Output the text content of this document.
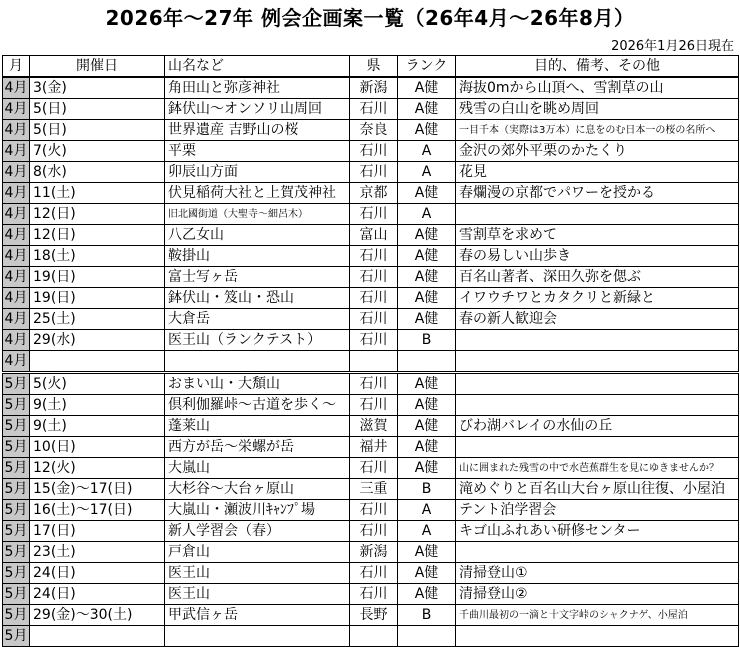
2026年～27年 例会企画案一覧（26年4月～26年8月）
2026年1月26日現在
月	開催日	山名など	県	ランク	目的、備考、その他
4月	3(金)	角田山と弥彦神社	新潟	A健	海抜0mから山頂へ、雪割草の山
4月	5(日)	鉢伏山～オンソリ山周回	石川	A健	残雪の白山を眺め周回
4月	5(日)	世界遺産 吉野山の桜	奈良	A健	一目千本（実際は3万本）に息をのむ日本一の桜の名所へ
4月	7(火)	平栗	石川	A	金沢の郊外平栗のかたくり
4月	8(水)	卯辰山方面	石川	A	花見
4月	11(土)	伏見稲荷大社と上賀茂神社	京都	A健	春爛漫の京都でパワーを授かる
4月	12(日)	旧北國街道（大聖寺～細呂木）	石川	A	
4月	12(日)	八乙女山	富山	A健	雪割草を求めて
4月	18(土)	鞍掛山	石川	A健	春の易しい山歩き
4月	19(日)	富士写ヶ岳	石川	A健	百名山著者、深田久弥を偲ぶ
4月	19(日)	鉢伏山・笈山・恐山	石川	A健	イワウチワとカタクリと新緑と
4月	25(土)	大倉岳	石川	A健	春の新人歓迎会
4月	29(水)	医王山（ランクテスト）	石川	B	
4月					
5月	5(火)	おまい山・大頽山	石川	A健	
5月	9(土)	倶利伽羅峠～古道を歩く～	石川	A健	
5月	9(土)	蓬莱山	滋賀	A健	びわ湖バレイの水仙の丘
5月	10(日)	西方が岳～栄螺が岳	福井	A健	
5月	12(火)	大嵐山	石川	A健	山に囲まれた残雪の中で水芭蕉群生を見にゆきませんか？
5月	15(金)～17(日)	大杉谷～大台ヶ原山	三重	B	滝めぐりと百名山大台ヶ原山往復、小屋泊
5月	16(土)～17(日)	大嵐山・瀬波川ｷｬﾝﾌﾟ場	石川	A	テント泊学習会
5月	17(日)	新人学習会（春）	石川	A	キゴ山ふれあい研修センター
5月	23(土)	戸倉山	新潟	A健	
5月	24(日)	医王山	石川	A健	清掃登山①
5月	24(日)	医王山	石川	A健	清掃登山②
5月	29(金)～30(土)	甲武信ヶ岳	長野	B	千曲川最初の一滴と十文字峠のシャクナゲ、小屋泊
5月					
